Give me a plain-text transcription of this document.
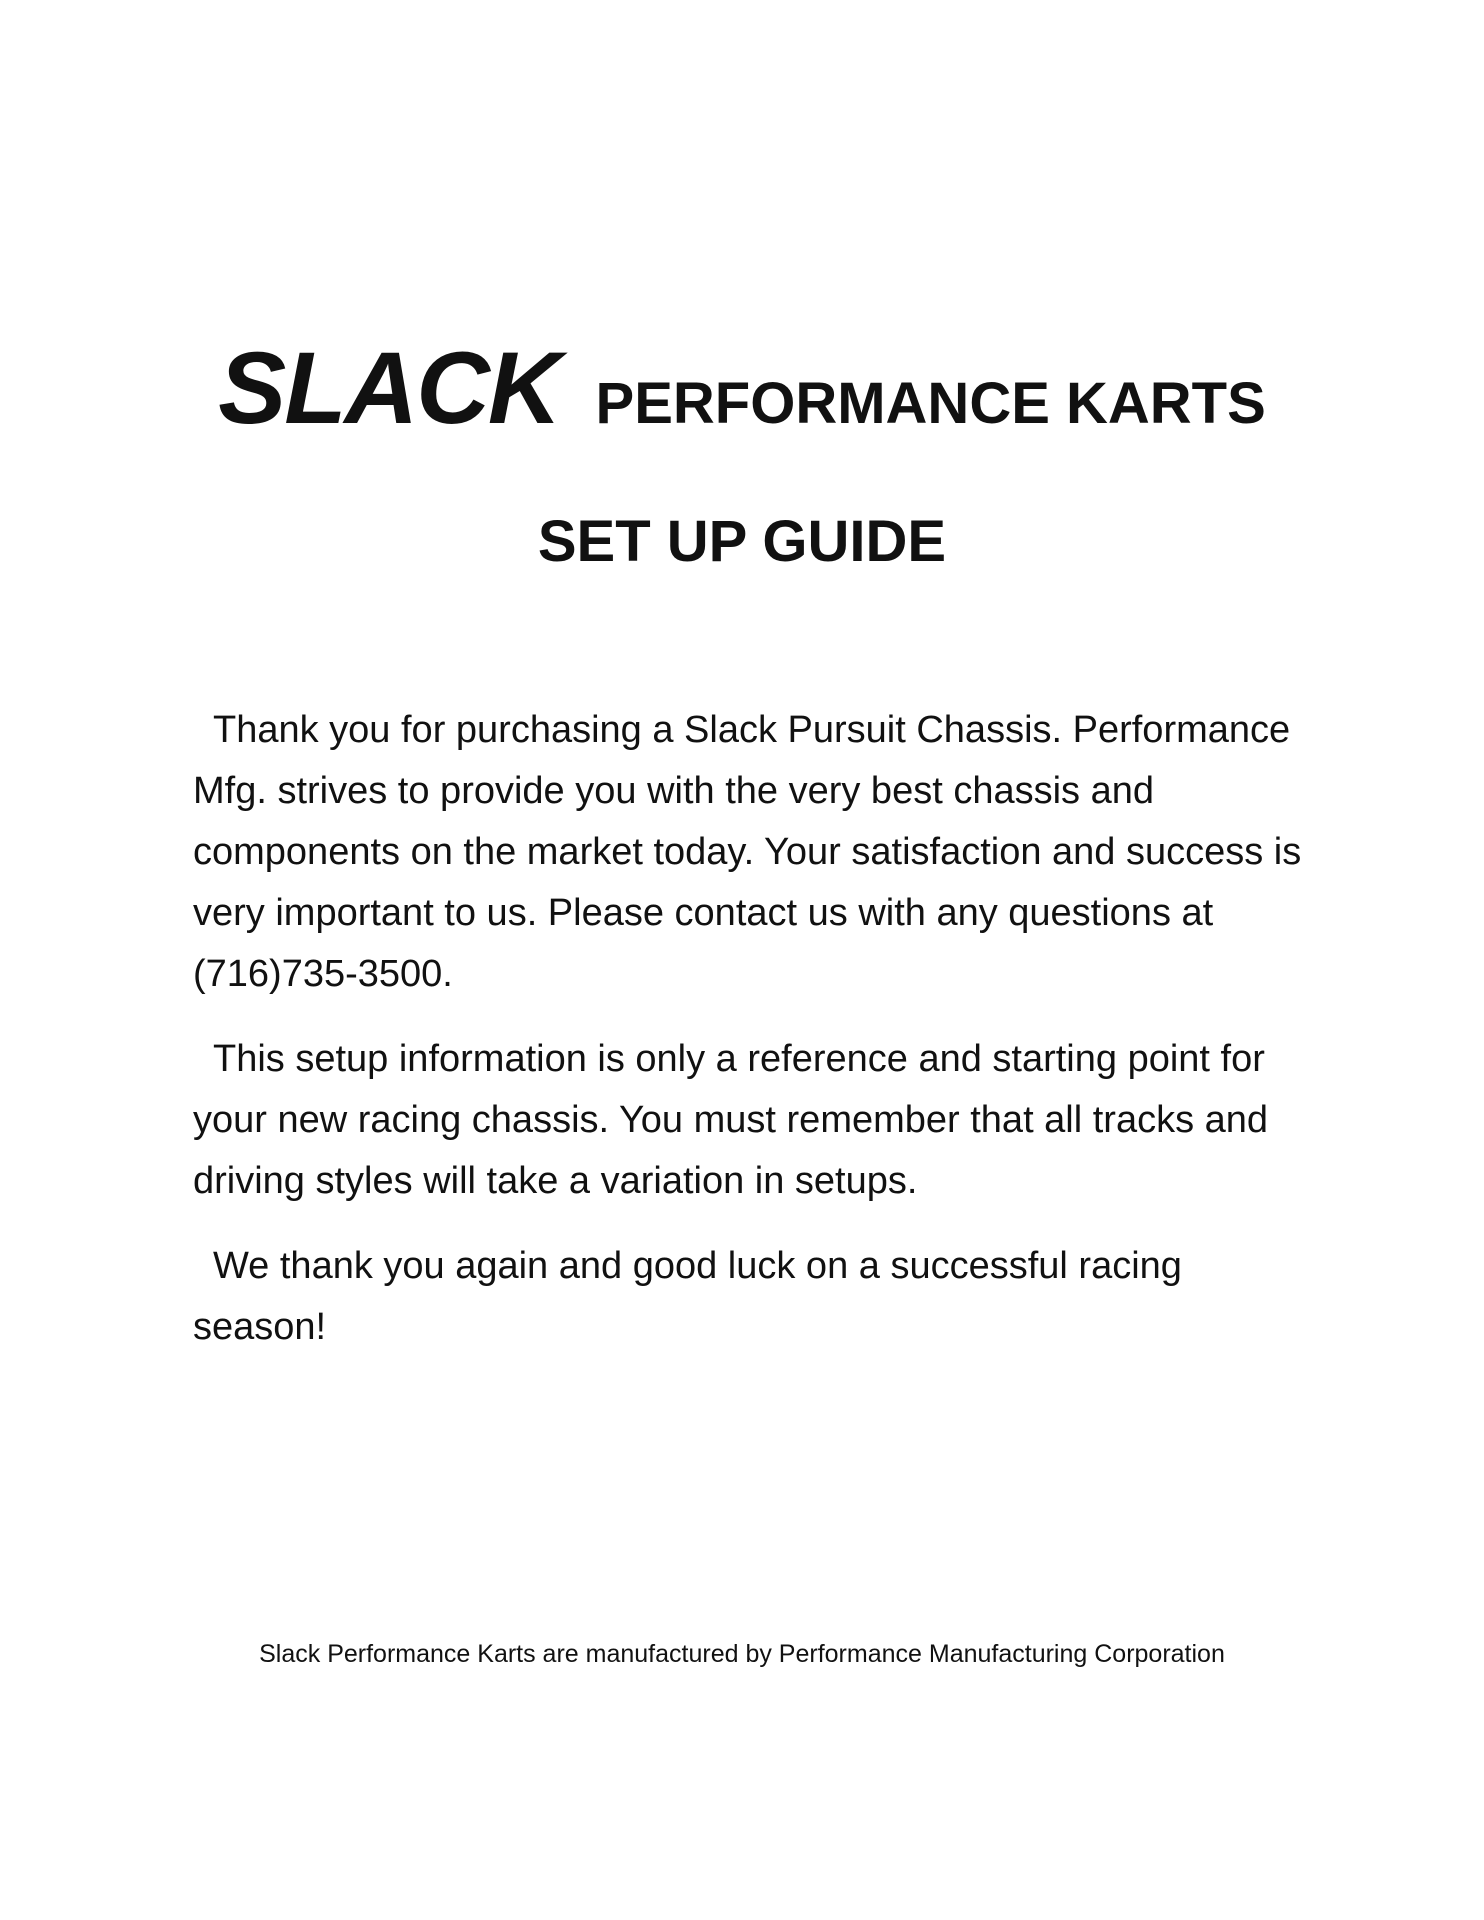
SLACK PERFORMANCE KARTS
SET UP GUIDE

Thank you for purchasing a Slack Pursuit Chassis. Performance Mfg. strives to provide you with the very best chassis and components on the market today. Your satisfaction and success is very important to us. Please contact us with any questions at (716)735-3500.

This setup information is only a reference and starting point for your new racing chassis. You must remember that all tracks and driving styles will take a variation in setups.

We thank you again and good luck on a successful racing season!

Slack Performance Karts are manufactured by Performance Manufacturing Corporation
